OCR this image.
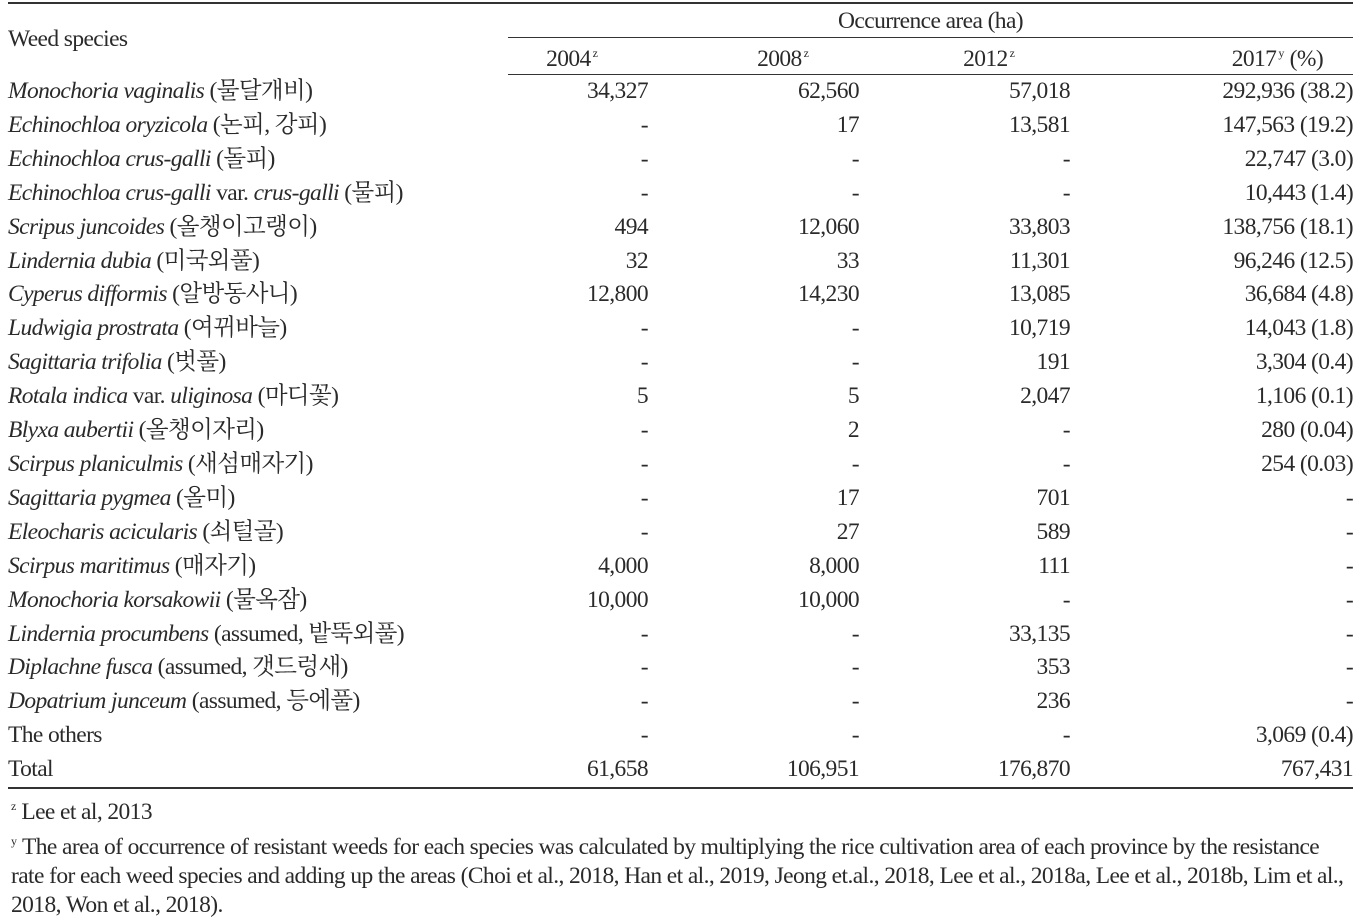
Weed species	Occurrence area (ha)			
	2004 $^z$	2008 $^z$	2012 $^z$	2017 $^y$ (%)
Monochoria vaginalis (물달개비)	34,327	62,560	57,018	292,936 (38.2)
Echinochloa oryzicola (논피, 강피)	-	17	13,581	147,563 (19.2)
Echinochloa crus-galli (돌피)	-	-	-	22,747 (3.0)
Echinochloa crus-galli var. crus-galli (물피)	-	-	-	10,443 (1.4)
Scripus juncoides (올챙이고랭이)	494	12,060	33,803	138,756 (18.1)
Lindernia dubia (미국외풀)	32	33	11,301	96,246 (12.5)
Cyperus difformis (알방동사니)	12,800	14,230	13,085	36,684 (4.8)
Ludwigia prostrata (여뀌바늘)	-	-	10,719	14,043 (1.8)
Sagittaria trifolia (벗풀)	-	-	191	3,304 (0.4)
Rotala indica var. uliginosa (마디꽃)	5	5	2,047	1,106 (0.1)
Blyxa aubertii (올챙이자리)	-	2	-	280 (0.04)
Scirpus planiculmis (새섬매자기)	-	-	-	254 (0.03)
Sagittaria pygmea (올미)	-	17	701	-
Eleocharis acicularis (쇠털골)	-	27	589	-
Scirpus maritimus (매자기)	4,000	8,000	111	-
Monochoria korsakowii (물옥잠)	10,000	10,000	-	-
Lindernia procumbens (assumed, 밭뚝외풀)	-	-	33,135	-
Diplachne fusca (assumed, 갯드렁새)	-	-	353	-
Dopatrium junceum (assumed, 등에풀)	-	-	236	-
The others	-	-	-	3,069 (0.4)
Total	61,658	106,951	176,870	767,431
$^z$ Lee et al, 2013
$^y$ The area of occurrence of resistant weeds for each species was calculated by multiplying the rice cultivation area of each province by the resistance rate for each weed species and adding up the areas (Choi et al., 2018, Han et al., 2019, Jeong et.al., 2018, Lee et al., 2018a, Lee et al., 2018b, Lim et al., 2018, Won et al., 2018).
